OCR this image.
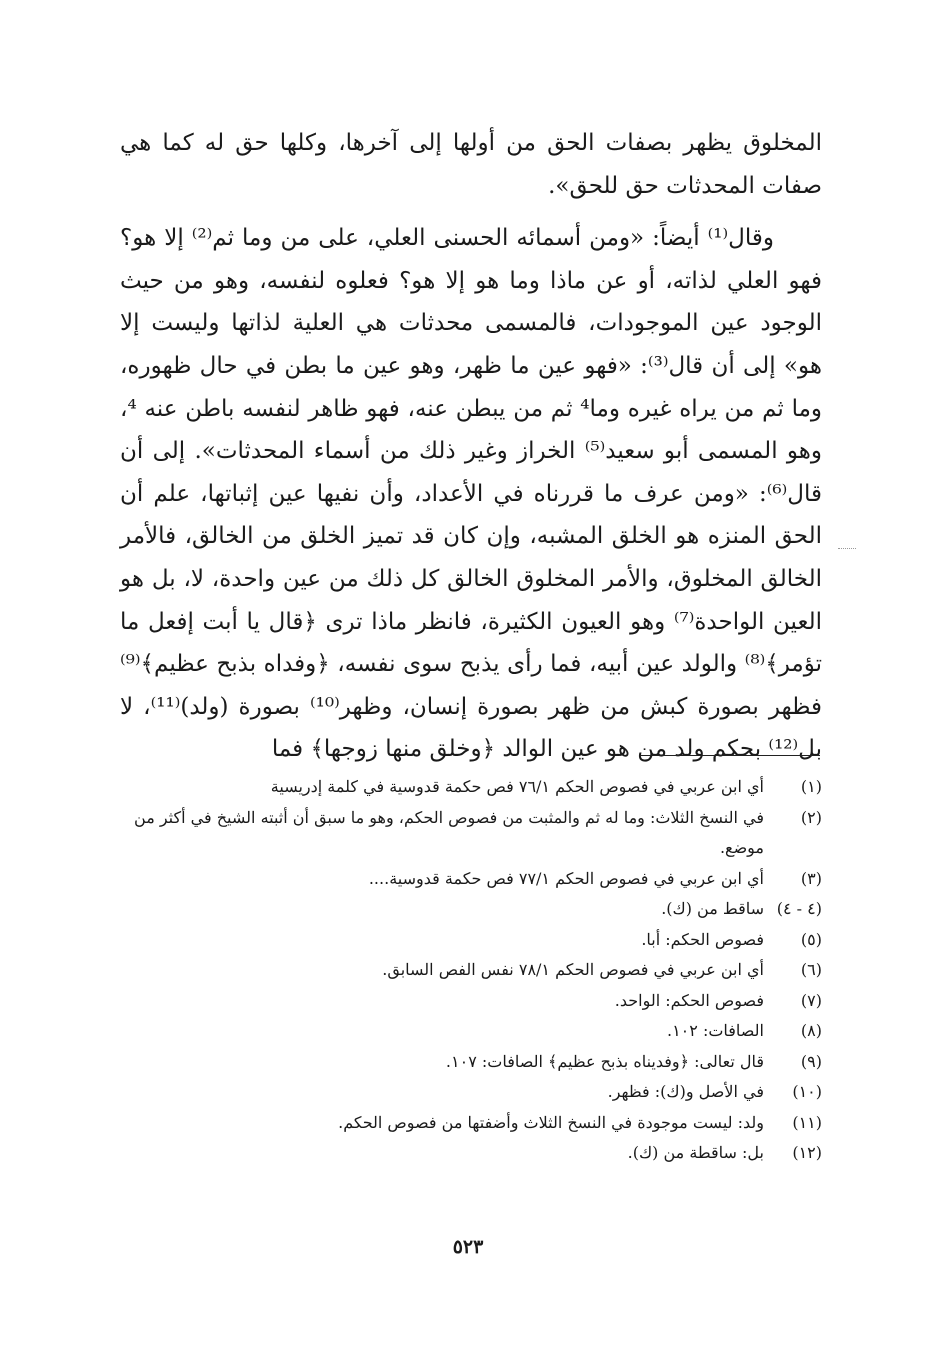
المخلوق يظهر بصفات الحق من أولها إلى آخرها، وكلها حق له كما هي صفات المحدثات حق للحق».

وقال⁽¹⁾ أيضاً: «ومن أسمائه الحسنى العلي، على من وما ثم⁽²⁾ إلا هو؟ فهو العلي لذاته، أو عن ماذا وما هو إلا هو؟ فعلوه لنفسه، وهو من حيث الوجود عين الموجودات، فالمسمى محدثات هي العلية لذاتها وليست إلا هو» إلى أن قال⁽³⁾: «فهو عين ما ظهر، وهو عين ما بطن في حال ظهوره، وما ثم من يراه غيره وما⁴ ثم من يبطن عنه، فهو ظاهر لنفسه باطن عنه ⁴، وهو المسمى أبو سعيد⁽⁵⁾ الخراز وغير ذلك من أسماء المحدثات». إلى أن قال⁽⁶⁾: «ومن عرف ما قررناه في الأعداد، وأن نفيها عين إثباتها، علم أن الحق المنزه هو الخلق المشبه، وإن كان قد تميز الخلق من الخالق، فالأمر الخالق المخلوق، والأمر المخلوق الخالق كل ذلك من عين واحدة، لا، بل هو العين الواحدة⁽⁷⁾ وهو العيون الكثيرة، فانظر ماذا ترى ﴿قال يا أبت إفعل ما تؤمر﴾⁽⁸⁾ والولد عين أبيه، فما رأى يذبح سوى نفسه، ﴿وفداه بذبح عظيم﴾⁽⁹⁾ فظهر بصورة كبش من ظهر بصورة إنسان، وظهر⁽¹⁰⁾ بصورة (ولد)⁽¹¹⁾، لا بل⁽¹²⁾ بحكم ولد من هو عين الوالد ﴿وخلق منها زوجها﴾ فما

(١)
أي ابن عربي في فصوص الحكم ٧٦/١ فص حكمة قدوسية في كلمة إدريسية
(٢)
في النسخ الثلاث: وما له ثم والمثبت من فصوص الحكم، وهو ما سبق أن أثبته الشيخ في أكثر من موضع.
(٣)
أي ابن عربي في فصوص الحكم ٧٧/١ فص حكمة قدوسية....
(٤ - ٤)
ساقط من (ك).
(٥)
فصوص الحكم: أبا.
(٦)
أي ابن عربي في فصوص الحكم ٧٨/١ نفس الفص السابق.
(٧)
فصوص الحكم: الواحد.
(٨)
الصافات: ١٠٢.
(٩)
قال تعالى: ﴿وفديناه بذبح عظيم﴾ الصافات: ١٠٧.
(١٠)
في الأصل و(ك): فظهر.
(١١)
ولد: ليست موجودة في النسخ الثلاث وأضفتها من فصوص الحكم.
(١٢)
بل: ساقطة من (ك).
٥٢٣
